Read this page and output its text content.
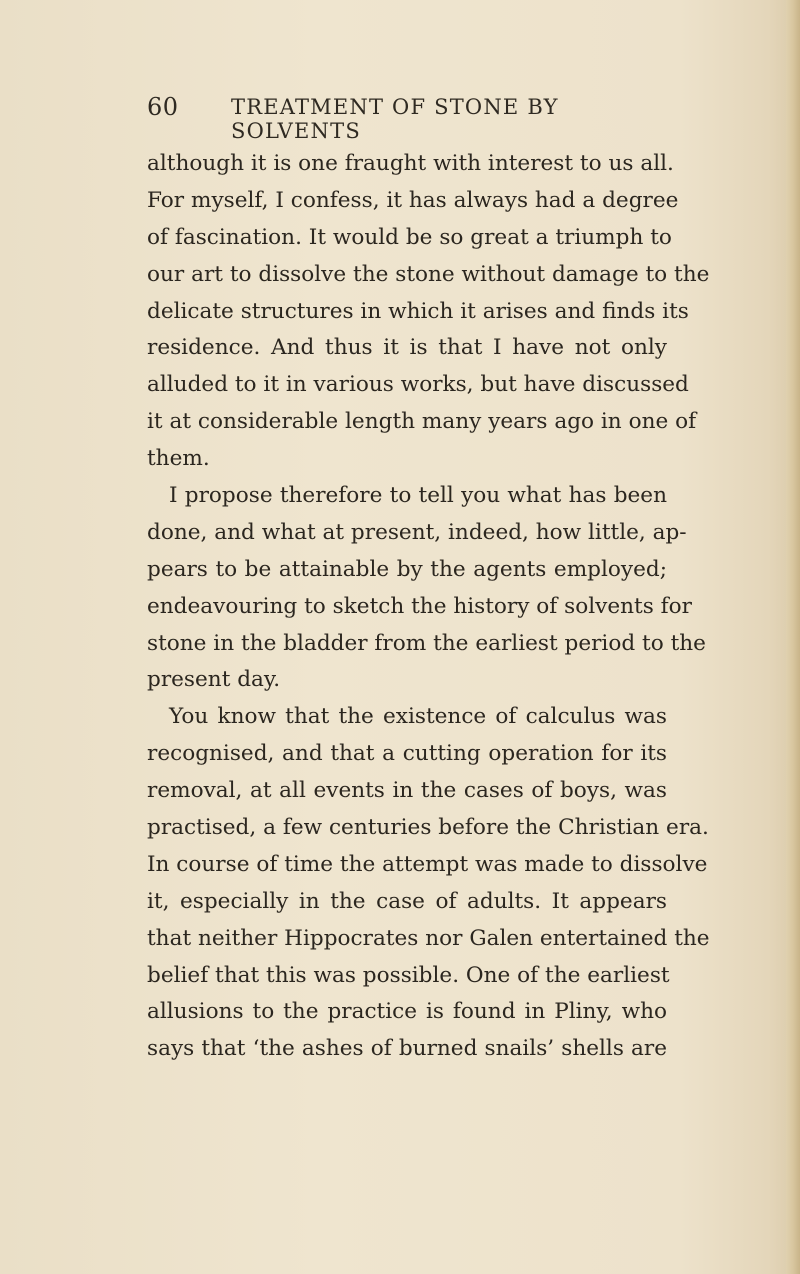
60 TREATMENT OF STONE BY SOLVENTS
although it is one fraught with interest to us all.
For myself, I confess, it has always had a degree
of fascination. It would be so great a triumph to
our art to dissolve the stone without damage to the
delicate structures in which it arises and finds its
residence. And thus it is that I have not only
alluded to it in various works, but have discussed
it at considerable length many years ago in one of
them.
I propose therefore to tell you what has been
done, and what at present, indeed, how little, ap-
pears to be attainable by the agents employed;
endeavouring to sketch the history of solvents for
stone in the bladder from the earliest period to the
present day.
You know that the existence of calculus was
recognised, and that a cutting operation for its
removal, at all events in the cases of boys, was
practised, a few centuries before the Christian era.
In course of time the attempt was made to dissolve
it, especially in the case of adults. It appears
that neither Hippocrates nor Galen entertained the
belief that this was possible. One of the earliest
allusions to the practice is found in Pliny, who
says that ‘the ashes of burned snails’ shells are
